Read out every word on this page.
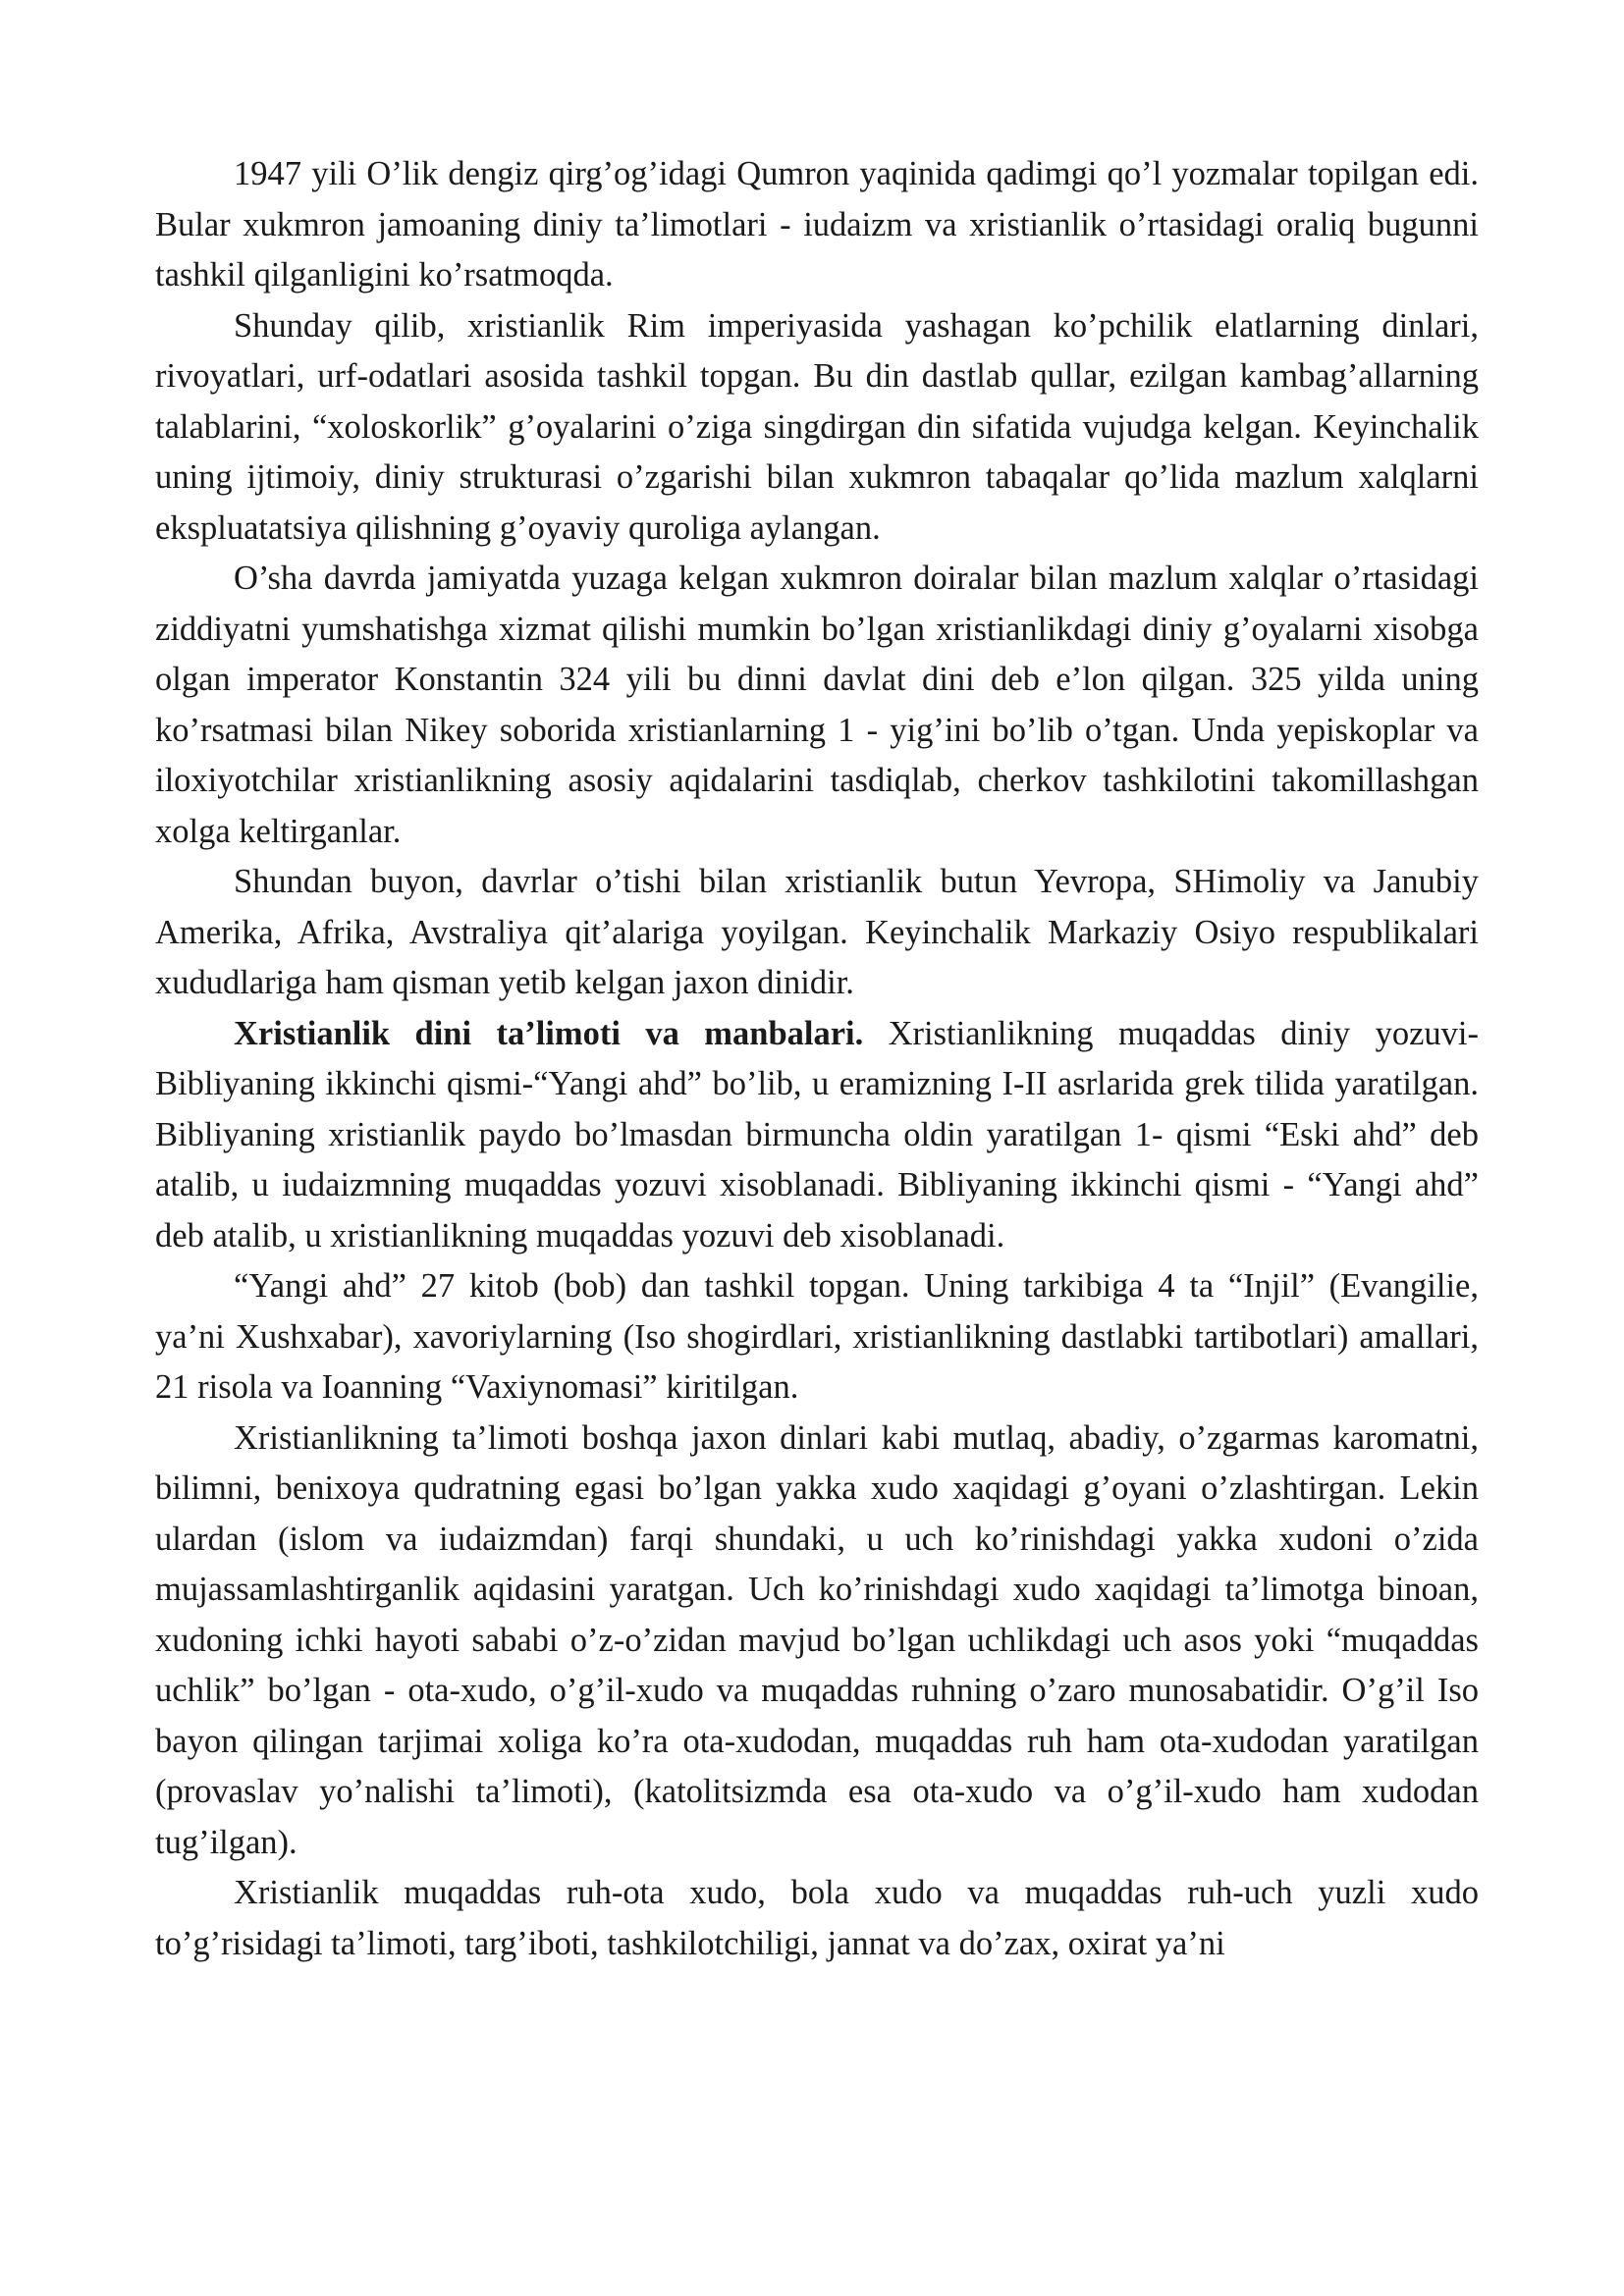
1947 yili O’lik dengiz qirg’og’idagi Qumron yaqinida qadimgi qo’l yozmalar topilgan edi. Bular xukmron jamoaning diniy ta’limotlari - iudaizm va xristianlik o’rtasidagi oraliq bugunni tashkil qilganligini ko’rsatmoqda.

Shunday qilib, xristianlik Rim imperiyasida yashagan ko’pchilik elatlarning dinlari, rivoyatlari, urf-odatlari asosida tashkil topgan. Bu din dastlab qullar, ezilgan kambag’allarning talablarini, “xoloskorlik” g’oyalarini o’ziga singdirgan din sifatida vujudga kelgan. Keyinchalik uning ijtimoiy, diniy strukturasi o’zgarishi bilan xukmron tabaqalar qo’lida mazlum xalqlarni ekspluatatsiya qilishning g’oyaviy quroliga aylangan.

O’sha davrda jamiyatda yuzaga kelgan xukmron doiralar bilan mazlum xalqlar o’rtasidagi ziddiyatni yumshatishga xizmat qilishi mumkin bo’lgan xristianlikdagi diniy g’oyalarni xisobga olgan imperator Konstantin 324 yili bu dinni davlat dini deb e’lon qilgan. 325 yilda uning ko’rsatmasi bilan Nikey soborida xristianlarning 1 - yig’ini bo’lib o’tgan. Unda yepiskoplar va iloxiyotchilar xristianlikning asosiy aqidalarini tasdiqlab, cherkov tashkilotini takomillashgan xolga keltirganlar.

Shundan buyon, davrlar o’tishi bilan xristianlik butun Yevropa, SHimoliy va Janubiy Amerika, Afrika, Avstraliya qit’alariga yoyilgan. Keyinchalik Markaziy Osiyo respublikalari xududlariga ham qisman yetib kelgan jaxon dinidir.

Xristianlik dini ta’limoti va manbalari. Xristianlikning muqaddas diniy yozuvi- Bibliyaning ikkinchi qismi-“Yangi ahd” bo’lib, u eramizning I-II asrlarida grek tilida yaratilgan. Bibliyaning xristianlik paydo bo’lmasdan birmuncha oldin yaratilgan 1- qismi “Eski ahd” deb atalib, u iudaizmning muqaddas yozuvi xisoblanadi. Bibliyaning ikkinchi qismi - “Yangi ahd” deb atalib, u xristianlikning muqaddas yozuvi deb xisoblanadi.

“Yangi ahd” 27 kitob (bob) dan tashkil topgan. Uning tarkibiga 4 ta “Injil” (Evangilie, ya’ni Xushxabar), xavoriylarning (Iso shogirdlari, xristianlikning dastlabki tartibotlari) amallari, 21 risola va Ioanning “Vaxiynomasi” kiritilgan.

Xristianlikning ta’limoti boshqa jaxon dinlari kabi mutlaq, abadiy, o’zgarmas karomatni, bilimni, benixoya qudratning egasi bo’lgan yakka xudo xaqidagi g’oyani o’zlashtirgan. Lekin ulardan (islom va iudaizmdan) farqi shundaki, u uch ko’rinishdagi yakka xudoni o’zida mujassamlashtirganlik aqidasini yaratgan. Uch ko’rinishdagi xudo xaqidagi ta’limotga binoan, xudoning ichki hayoti sababi o’z-o’zidan mavjud bo’lgan uchlikdagi uch asos yoki “muqaddas uchlik” bo’lgan - ota-xudo, o’g’il-xudo va muqaddas ruhning o’zaro munosabatidir. O’g’il Iso bayon qilingan tarjimai xoliga ko’ra ota-xudodan, muqaddas ruh ham ota-xudodan yaratilgan (provaslav yo’nalishi ta’limoti), (katolitsizmda esa ota-xudo va o’g’il-xudo ham xudodan tug’ilgan).

Xristianlik muqaddas ruh-ota xudo, bola xudo va muqaddas ruh-uch yuzli xudo to’g’risidagi ta’limoti, targ’iboti, tashkilotchiligi, jannat va do’zax, oxirat ya’ni
